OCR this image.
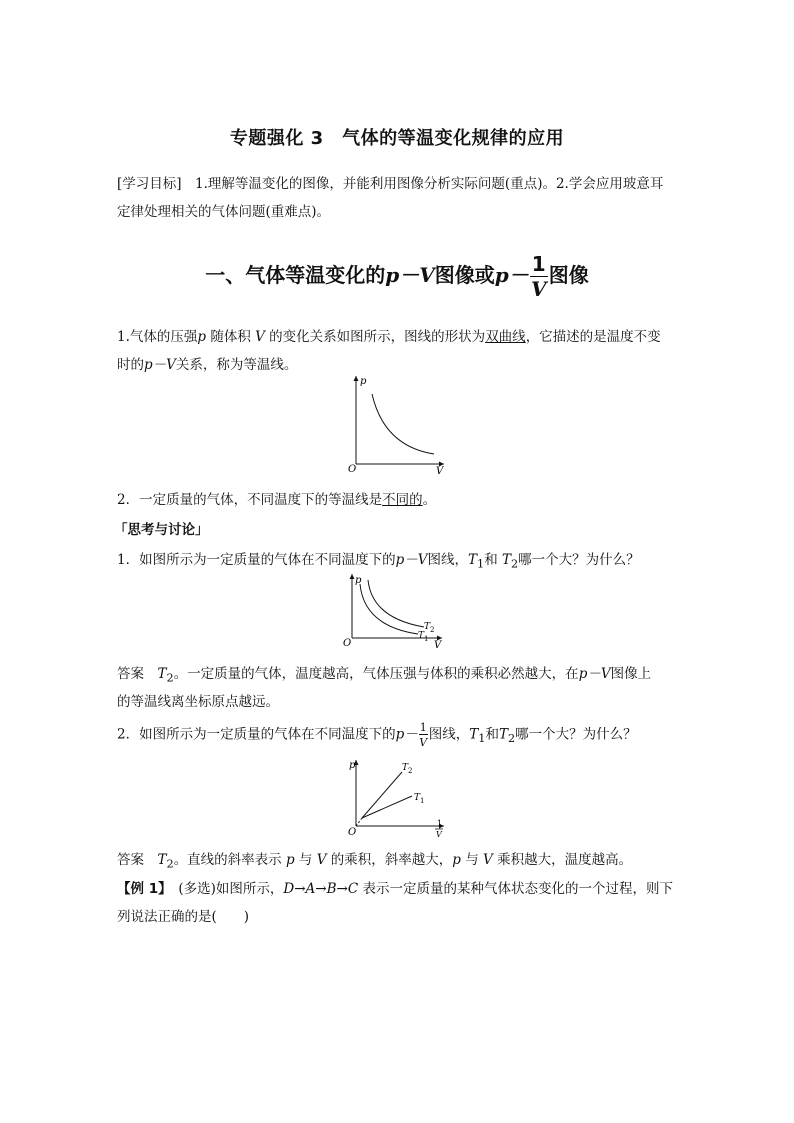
专题强化 3　气体的等温变化规律的应用
[学习目标]　1.理解等温变化的图像，并能利用图像分析实际问题(重点)。2.学会应用玻意耳
定律处理相关的气体问题(重难点)。
一、气体等温变化的p－V图像或$p- \frac{1}{V}$ 图像
1.气体的压强p 随体积 V 的变化关系如图所示，图线的形状为双曲线，它描述的是温度不变
时的p－V关系，称为等温线。
p
V
O
2．一定质量的气体，不同温度下的等温线是不同的。
「思考与讨论」
1．如图所示为一定质量的气体在不同温度下的p－V图线，$T_1$和 $T_2$哪一个大？为什么？
p
V
O
T 2
T 1
答案　 $T_2$。一定质量的气体，温度越高，气体压强与体积的乘积必然越大，在p－V图像上
的等温线离坐标原点越远。
2．如图所示为一定质量的气体在不同温度下的$p- \frac{1}{V}$ 图线，$T_1$和$T_2$哪一个大？为什么？
p	T 2
T 1
O
1
V
答案　 $T_2$。直线的斜率表示 p 与 V 的乘积，斜率越大，p 与 V 乘积越大，温度越高。
【例 1】　(多选)如图所示，D→A→B→C 表示一定质量的某种气体状态变化的一个过程，则下
列说法正确的是(　　)
